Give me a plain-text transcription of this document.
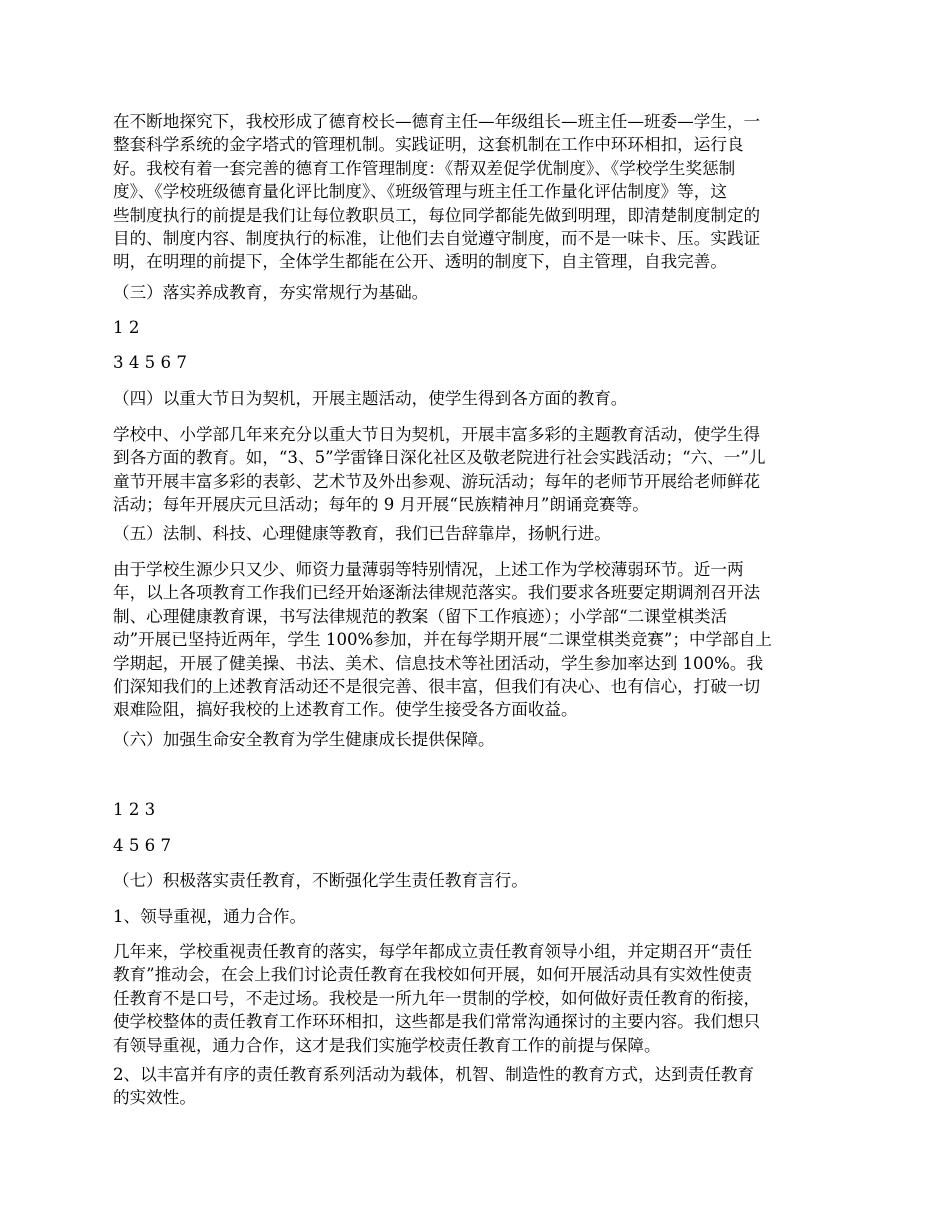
在不断地探究下，我校形成了德育校长—德育主任—年级组长—班主任—班委—学生，一
整套科学系统的金字塔式的管理机制。实践证明，这套机制在工作中环环相扣，运行良
好。我校有着一套完善的德育工作管理制度：《帮双差促学优制度》、《学校学生奖惩制
度》、《学校班级德育量化评比制度》、《班级管理与班主任工作量化评估制度》等，这
些制度执行的前提是我们让每位教职员工，每位同学都能先做到明理，即清楚制度制定的
目的、制度内容、制度执行的标准，让他们去自觉遵守制度，而不是一味卡、压。实践证
明，在明理的前提下，全体学生都能在公开、透明的制度下，自主管理，自我完善。

（三）落实养成教育，夯实常规行为基础。

1 2

3 4 5 6 7

（四）以重大节日为契机，开展主题活动，使学生得到各方面的教育。

学校中、小学部几年来充分以重大节日为契机，开展丰富多彩的主题教育活动，使学生得
到各方面的教育。如，“3、5”学雷锋日深化社区及敬老院进行社会实践活动；“六、一”儿
童节开展丰富多彩的表彰、艺术节及外出参观、游玩活动；每年的老师节开展给老师鲜花
活动；每年开展庆元旦活动；每年的 9 月开展“民族精神月”朗诵竞赛等。

（五）法制、科技、心理健康等教育，我们已告辞靠岸，扬帆行进。

由于学校生源少只又少、师资力量薄弱等特别情况，上述工作为学校薄弱环节。近一两
年，以上各项教育工作我们已经开始逐渐法律规范落实。我们要求各班要定期调剂召开法
制、心理健康教育课，书写法律规范的教案（留下工作痕迹）；小学部“二课堂棋类活
动”开展已坚持近两年，学生 100%参加，并在每学期开展“二课堂棋类竞赛”；中学部自上
学期起，开展了健美操、书法、美术、信息技术等社团活动，学生参加率达到 100%。我
们深知我们的上述教育活动还不是很完善、很丰富，但我们有决心、也有信心，打破一切
艰难险阻，搞好我校的上述教育工作。使学生接受各方面收益。

（六）加强生命安全教育为学生健康成长提供保障。

1 2 3

4 5 6 7

（七）积极落实责任教育，不断强化学生责任教育言行。

1、领导重视，通力合作。

几年来，学校重视责任教育的落实，每学年都成立责任教育领导小组，并定期召开“责任
教育”推动会，在会上我们讨论责任教育在我校如何开展，如何开展活动具有实效性使责
任教育不是口号，不走过场。我校是一所九年一贯制的学校，如何做好责任教育的衔接，
使学校整体的责任教育工作环环相扣，这些都是我们常常沟通探讨的主要内容。我们想只
有领导重视，通力合作，这才是我们实施学校责任教育工作的前提与保障。

2、以丰富并有序的责任教育系列活动为载体，机智、制造性的教育方式，达到责任教育
的实效性。
